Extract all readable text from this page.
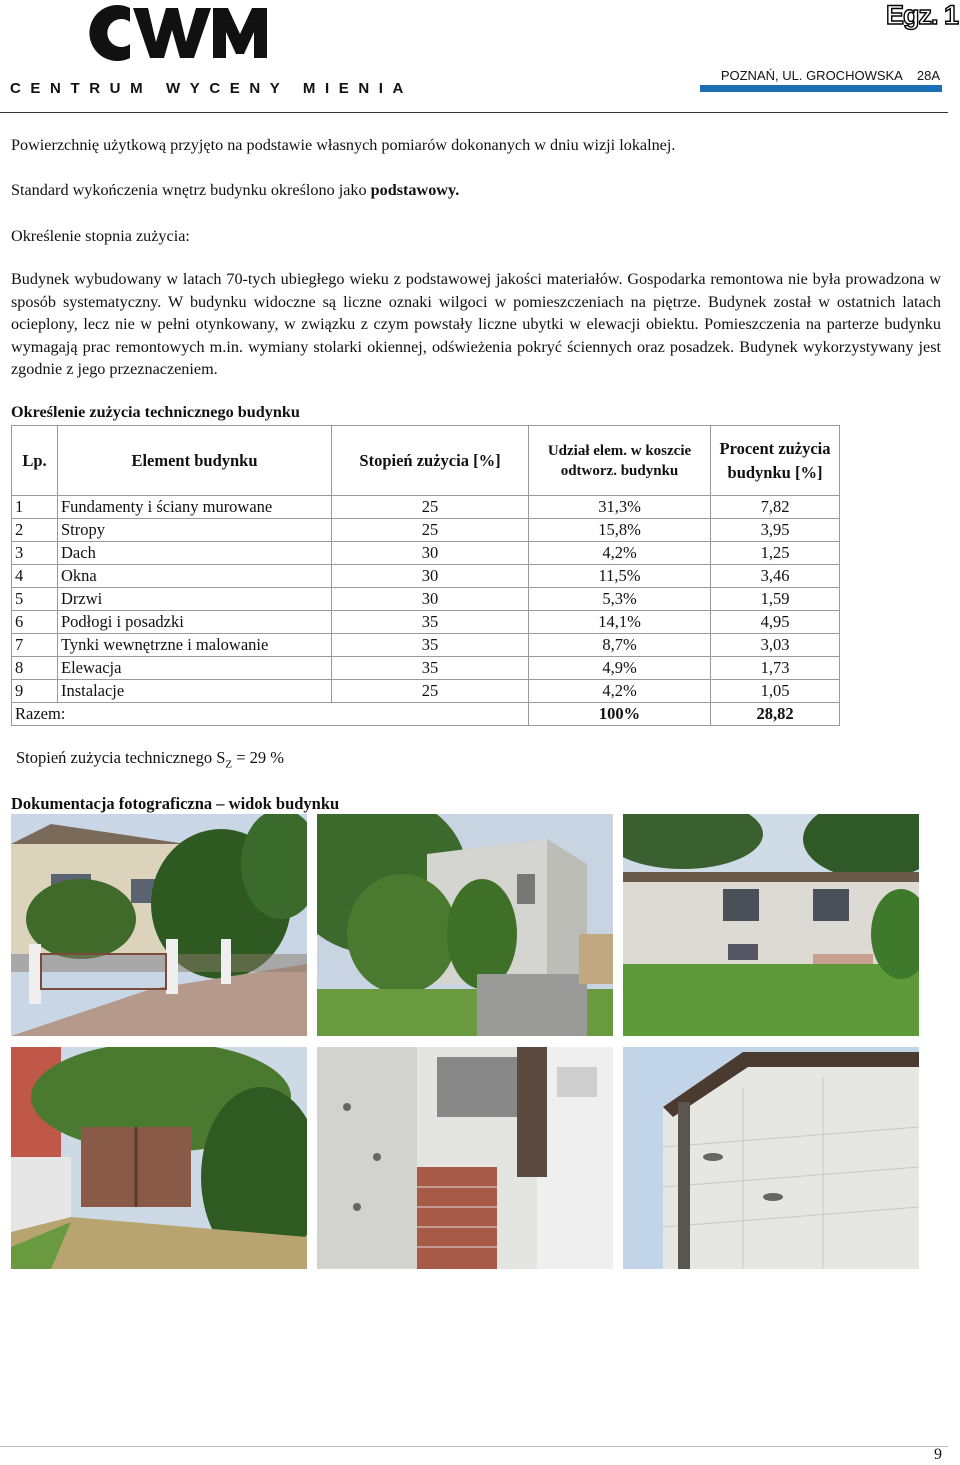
CENTRUM WYCENY MIENIA
Egz. 1
POZNAŃ, UL. GROCHOWSKA 28A
Powierzchnię użytkową przyjęto na podstawie własnych pomiarów dokonanych w dniu wizji lokalnej.
Standard wykończenia wnętrz budynku określono jako podstawowy.
Określenie stopnia zużycia:
Budynek wybudowany w latach 70-tych ubiegłego wieku z podstawowej jakości materiałów. Gospodarka remontowa nie była prowadzona w sposób systematyczny. W budynku widoczne są liczne oznaki wilgoci w pomieszczeniach na piętrze. Budynek został w ostatnich latach ocieplony, lecz nie w pełni otynkowany, w związku z czym powstały liczne ubytki w elewacji obiektu. Pomieszczenia na parterze budynku wymagają prac remontowych m.in. wymiany stolarki okiennej, odświeżenia pokryć ściennych oraz posadzek. Budynek wykorzystywany jest zgodnie z jego przeznaczeniem.
Określenie zużycia technicznego budynku
Lp.	Element budynku	Stopień zużycia [%]	Udział elem. w koszcie odtworz. budynku	Procent zużycia budynku [%]
1	Fundamenty i ściany murowane	25	31,3%	7,82
2	Stropy	25	15,8%	3,95
3	Dach	30	4,2%	1,25
4	Okna	30	11,5%	3,46
5	Drzwi	30	5,3%	1,59
6	Podłogi i posadzki	35	14,1%	4,95
7	Tynki wewnętrzne i malowanie	35	8,7%	3,03
8	Elewacja	35	4,9%	1,73
9	Instalacje	25	4,2%	1,05
Razem:			100%	28,82
Stopień zużycia technicznego $S_Z = 29$ %
Dokumentacja fotograficzna – widok budynku
9
